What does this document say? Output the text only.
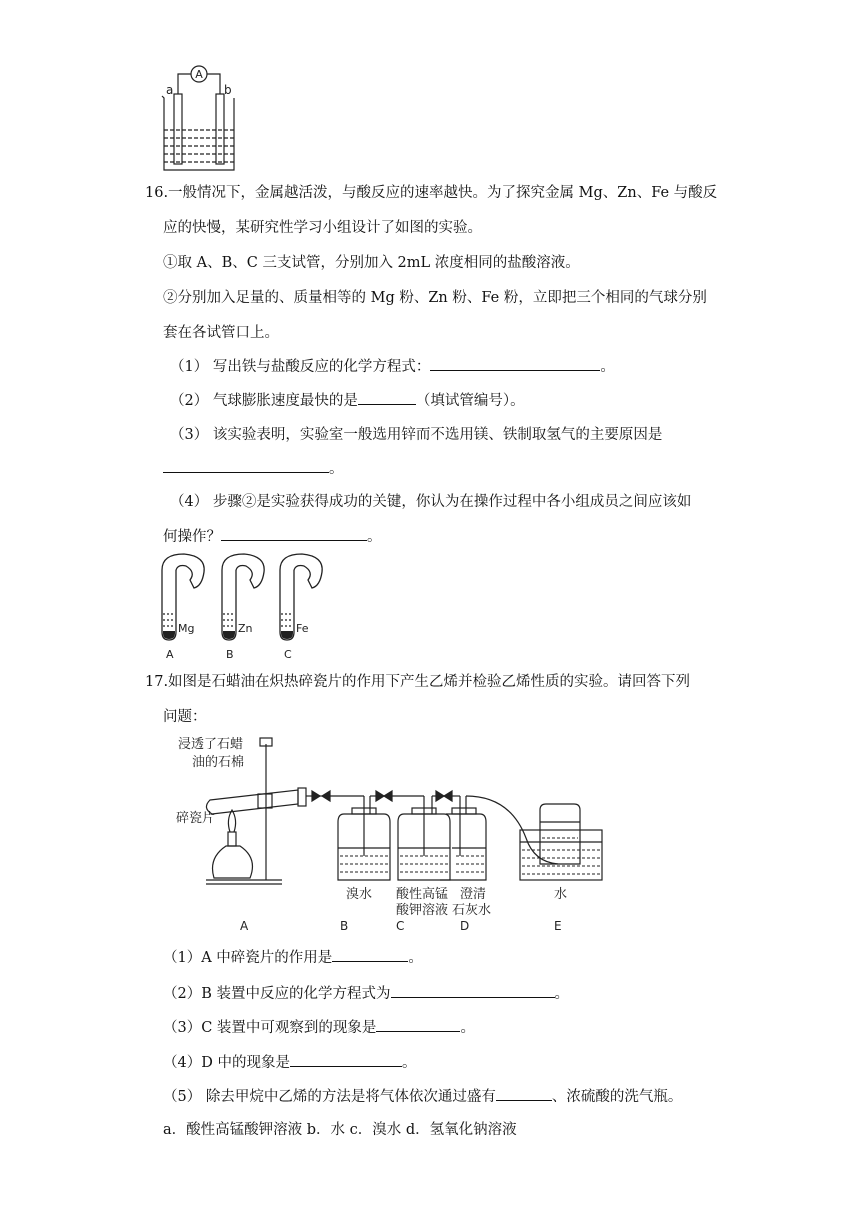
A
a	b
16.一般情况下，金属越活泼，与酸反应的速率越快。为了探究金属 Mg、Zn、Fe 与酸反
应的快慢，某研究性学习小组设计了如图的实验。
①取 A、B、C 三支试管，分别加入 2mL 浓度相同的盐酸溶液。
②分别加入足量的、质量相等的 Mg 粉、Zn 粉、Fe 粉，立即把三个相同的气球分别
套在各试管口上。
（1） 写出铁与盐酸反应的化学方程式：	。
（2） 气球膨胀速度最快的是	（填试管编号）。
（3） 该实验表明，实验室一般选用锌而不选用镁、铁制取氢气的主要原因是
。
（4） 步骤②是实验获得成功的关键，你认为在操作过程中各小组成员之间应该如
何操作？	。
Mg	Zn	Fe
A	B	C
17.如图是石蜡油在炽热碎瓷片的作用下产生乙烯并检验乙烯性质的实验。请回答下列
问题：
浸透了石蜡
油的石棉
碎瓷片
溴水 酸性高锰
酸钾溶液
澄清
石灰水
水
A	B	C	D	E
（1）A 中碎瓷片的作用是	。
（2）B 装置中反应的化学方程式为	。
（3）C 装置中可观察到的现象是	。
（4）D 中的现象是	。
（5） 除去甲烷中乙烯的方法是将气体依次通过盛有	、浓硫酸的洗气瓶。
a．酸性高锰酸钾溶液 b．水 c．溴水 d．氢氧化钠溶液
